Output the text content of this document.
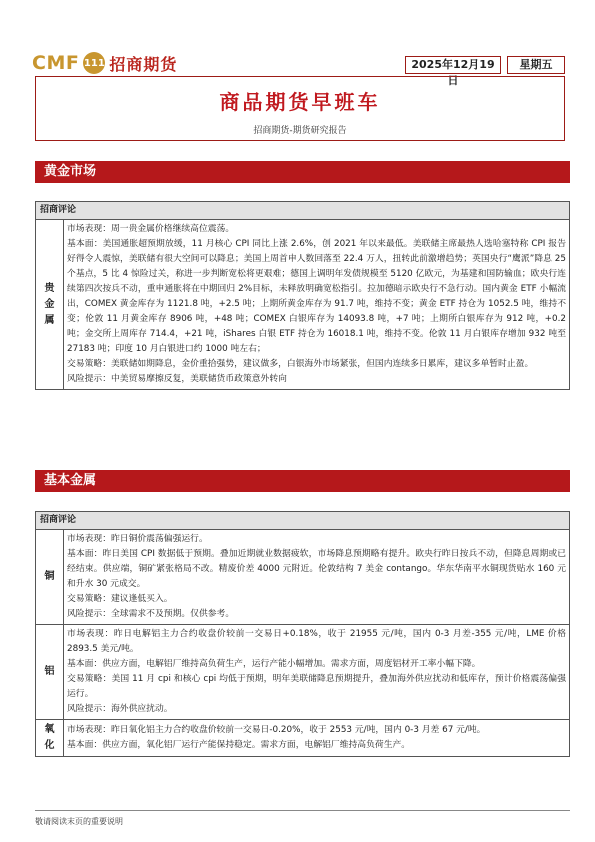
CMF 111 招商期货	2025年12月19日
星期五
商品期货早班车
招商期货-期货研究报告
黄金市场
招商评论
贵金属	
市场表现：周一贵金属价格继续高位震荡。
基本面：美国通胀超预期放缓，11 月核心 CPI 同比上涨 2.6%，创 2021 年以来最低。美联储主席最热人选哈塞特称 CPI 报告好得令人震惊，美联储有很大空间可以降息；美国上周首申人数回落至 22.4 万人，扭转此前激增趋势；英国央行“鹰派”降息 25 个基点，5 比 4 惊险过关，称进一步判断宽松将更艰难；德国上调明年发债规模至 5120 亿欧元，为基建和国防输血；欧央行连续第四次按兵不动，重申通胀将在中期回归 2%目标，未释放明确宽松指引。拉加德暗示欧央行不急行动。国内黄金 ETF 小幅流出，COMEX 黄金库存为 1121.8 吨，+2.5 吨；上期所黄金库存为 91.7 吨，维持不变；黄金 ETF 持仓为 1052.5 吨，维持不变；伦敦 11 月黄金库存 8906 吨，+48 吨；COMEX 白银库存为 14093.8 吨，+7 吨；上期所白银库存为 912 吨，+0.2 吨；金交所上周库存 714.4，+21 吨，iShares 白银 ETF 持仓为 16018.1 吨，维持不变。伦敦 11 月白银库存增加 932 吨至 27183 吨；印度 10 月白银进口约 1000 吨左右；
交易策略：美联储如期降息，金价重拾强势，建议做多，白银海外市场紧张，但国内连续多日累库，建议多单暂时止盈。
风险提示：中美贸易摩擦反复，美联储货币政策意外转向
基本金属
招商评论	
铜	市场表现：昨日铜价震荡偏强运行。
基本面：昨日美国 CPI 数据低于预期。叠加近期就业数据疲软，市场降息预期略有提升。欧央行昨日按兵不动，但降息周期或已经结束。供应端，铜矿紧张格局不改。精废价差 4000 元附近。伦敦结构 7 美金 contango。华东华南平水铜现货贴水 160 元和升水 30 元成交。
交易策略：建议逢低买入。
风险提示：全球需求不及预期。仅供参考。

铝	市场表现：昨日电解铝主力合约收盘价较前一交易日+0.18%，收于 21955 元/吨，国内 0-3 月差-355 元/吨，LME 价格 2893.5 美元/吨。
基本面：供应方面，电解铝厂维持高负荷生产，运行产能小幅增加。需求方面，周度铝材开工率小幅下降。
交易策略：美国 11 月 cpi 和核心 cpi 均低于预期，明年美联储降息预期提升，叠加海外供应扰动和低库存，预计价格震荡偏强运行。
风险提示：海外供应扰动。

氧化	市场表现：昨日氧化铝主力合约收盘价较前一交易日-0.20%，收于 2553 元/吨，国内 0-3 月差 67 元/吨。
基本面：供应方面，氧化铝厂运行产能保持稳定。需求方面，电解铝厂维持高负荷生产。
敬请阅读末页的重要说明
